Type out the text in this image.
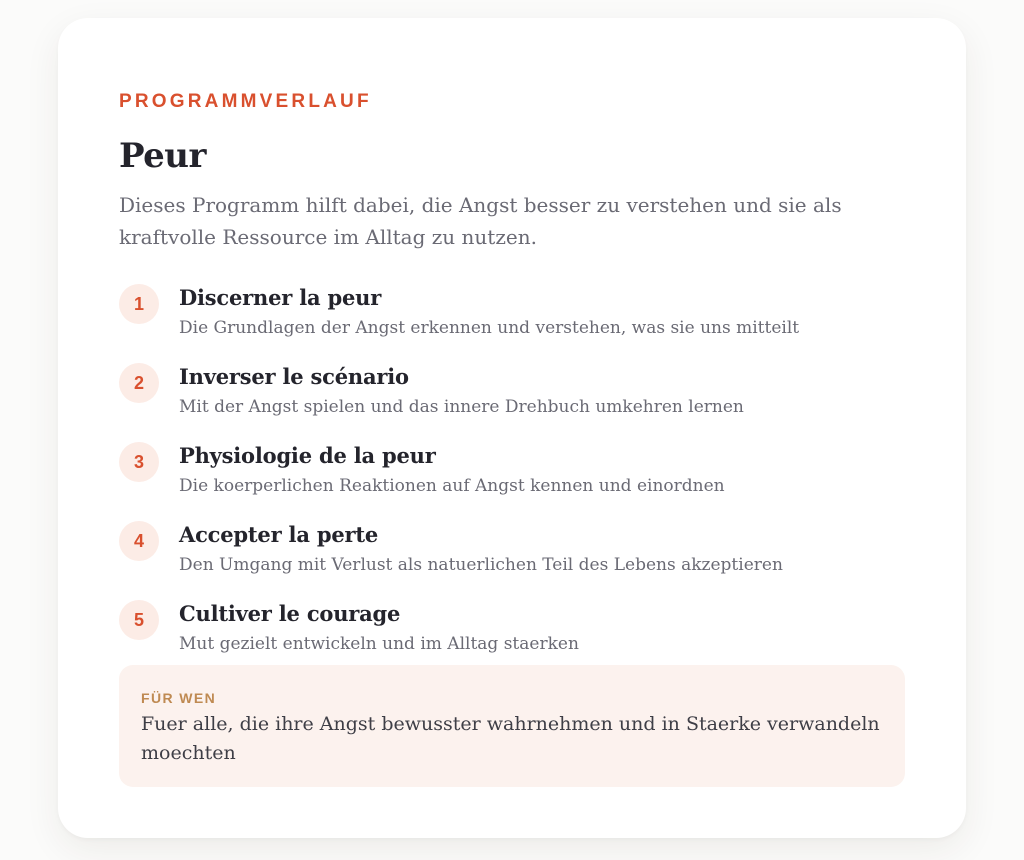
PROGRAMMVERLAUF
Peur

Dieses Programm hilft dabei, die Angst besser zu verstehen und sie als kraftvolle Ressource im Alltag zu nutzen.

1	Discerner la peur
Die Grundlagen der Angst erkennen und verstehen, was sie uns mitteilt
2	Inverser le scénario
Mit der Angst spielen und das innere Drehbuch umkehren lernen
3	Physiologie de la peur
Die koerperlichen Reaktionen auf Angst kennen und einordnen
4	Accepter la perte
Den Umgang mit Verlust als natuerlichen Teil des Lebens akzeptieren
5	Cultiver le courage
Mut gezielt entwickeln und im Alltag staerken
FÜR WEN
Fuer alle, die ihre Angst bewusster wahrnehmen und in Staerke verwandeln moechten
